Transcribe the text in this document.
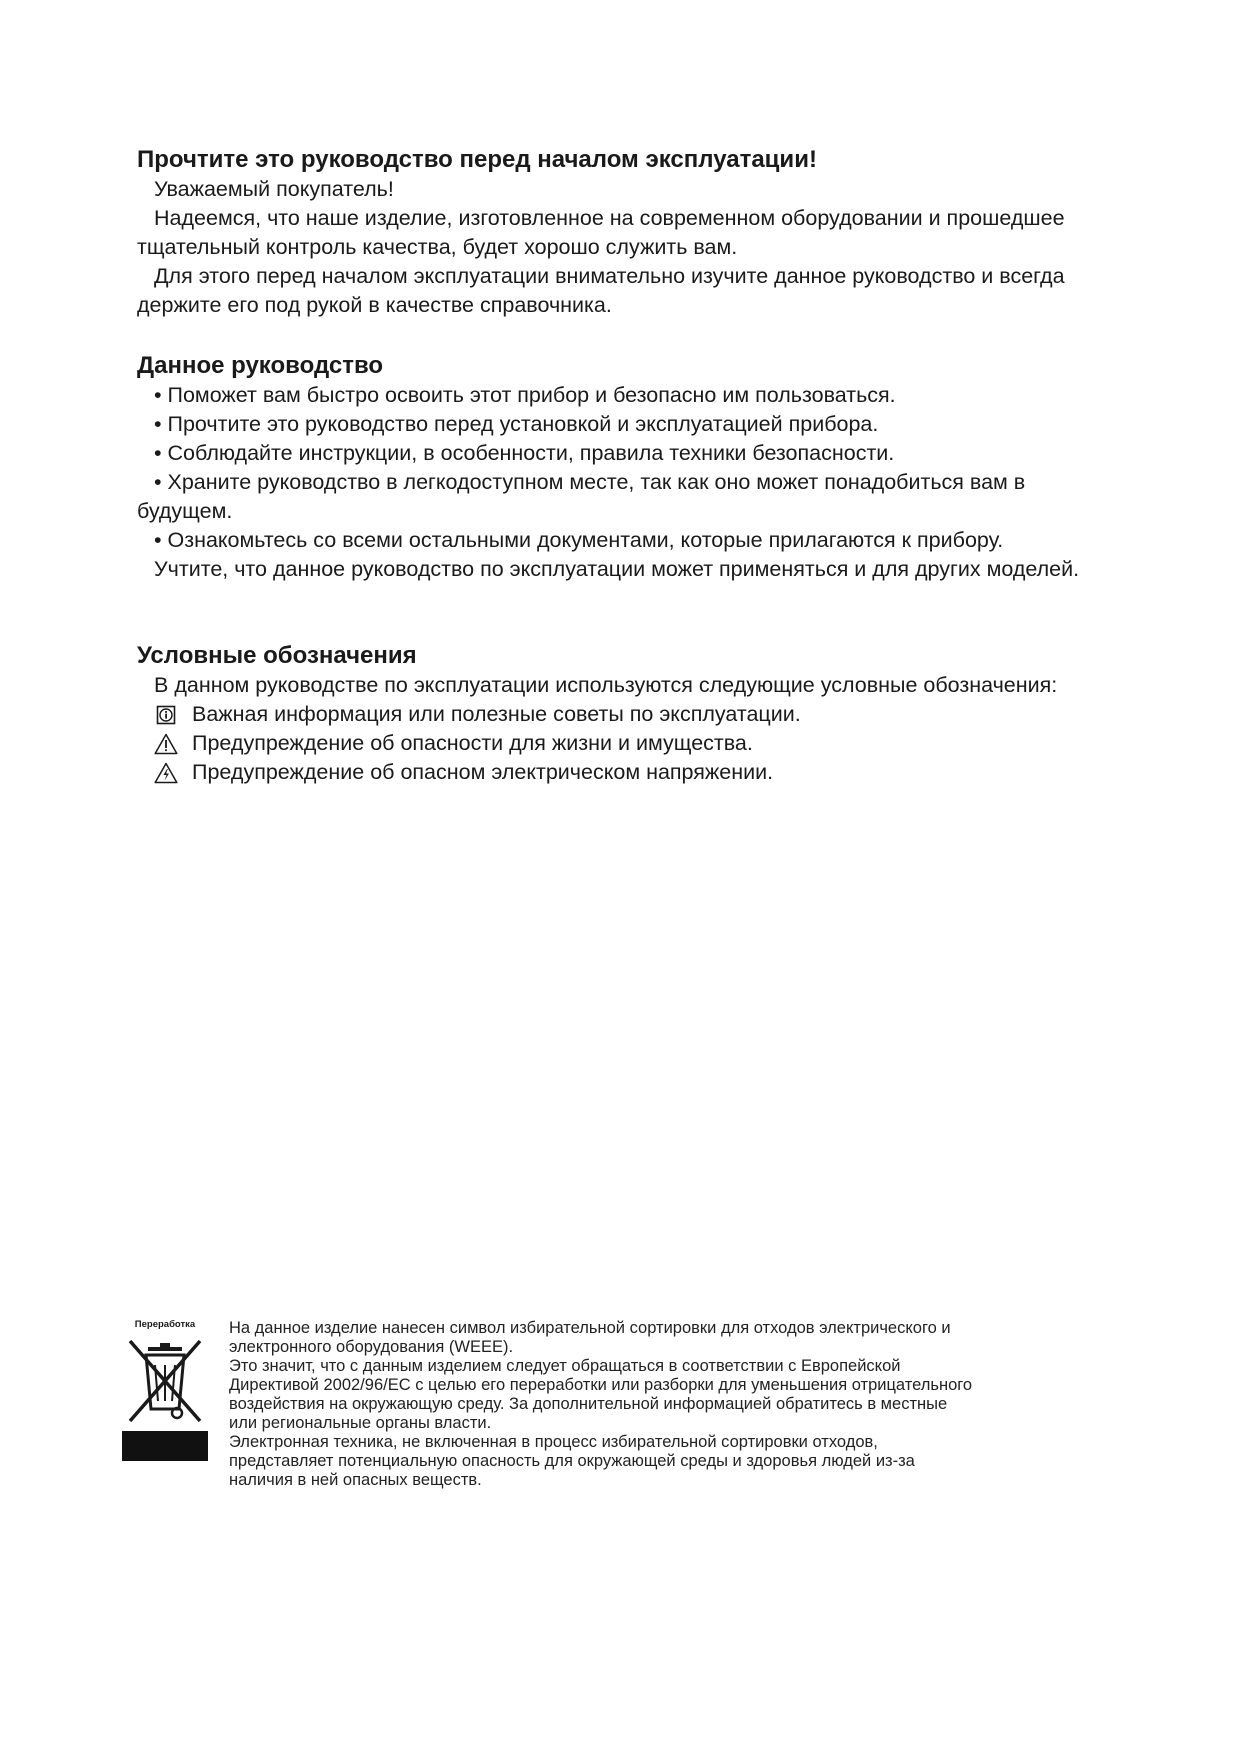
Прочтите это руководство перед началом эксплуатации!

Уважаемый покупатель!

Надеемся, что наше изделие, изготовленное на современном оборудовании и прошедшее тщательный контроль качества, будет хорошо служить вам.

Для этого перед началом эксплуатации внимательно изучите данное руководство и всегда держите его под рукой в качестве справочника.

Данное руководство

• Поможет вам быстро освоить этот прибор и безопасно им пользоваться.

• Прочтите это руководство перед установкой и эксплуатацией прибора.

• Соблюдайте инструкции, в особенности, правила техники безопасности.

• Храните руководство в легкодоступном месте, так как оно может понадобиться вам в будущем.

• Ознакомьтесь со всеми остальными документами, которые прилагаются к прибору.

Учтите, что данное руководство по эксплуатации может применяться и для других моделей.

Условные обозначения

В данном руководстве по эксплуатации используются следующие условные обозначения:

Важная информация или полезные советы по эксплуатации.
Предупреждение об опасности для жизни и имущества.
Предупреждение об опасном электрическом напряжении.
Переработка	На данное изделие нанесен символ избирательной сортировки для отходов электрического и
электронного оборудования (WEEE).
Это значит, что с данным изделием следует обращаться в соответствии с Европейской
Директивой 2002/96/EC с целью его переработки или разборки для уменьшения отрицательного
воздействия на окружающую среду. За дополнительной информацией обратитесь в местные
или региональные органы власти.
Электронная техника, не включенная в процесс избирательной сортировки отходов,
представляет потенциальную опасность для окружающей среды и здоровья людей из-за
наличия в ней опасных веществ.
